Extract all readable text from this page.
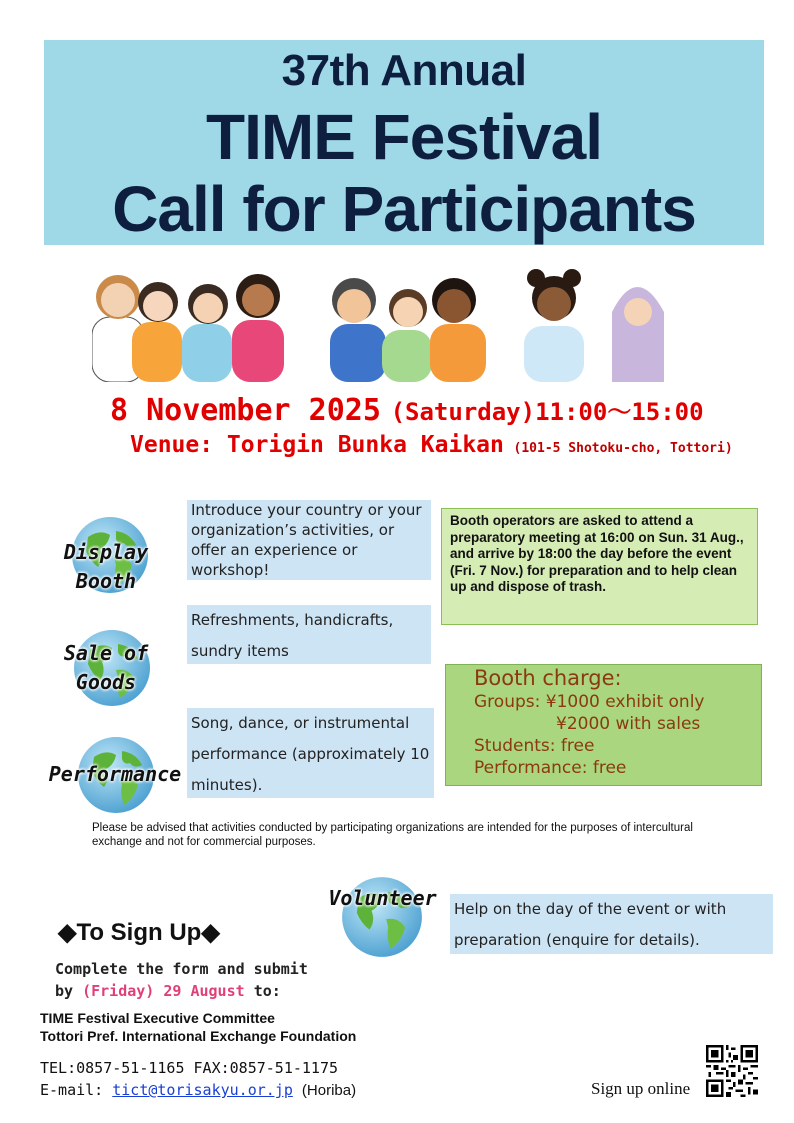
37th Annual
TIME Festival
Call for Participants
8 November 2025 (Saturday)11:00～15:00
Venue: Torigin Bunka Kaikan (101-5 Shotoku-cho, Tottori)
Display
Booth
Introduce your country or your organization’s activities, or offer an experience or workshop!
Sale of
Goods
Refreshments, handicrafts, sundry items
Performance
Song, dance, or instrumental performance (approximately 10 minutes).
Booth operators are asked to attend a preparatory meeting at 16:00 on Sun. 31 Aug., and arrive by 18:00 the day before the event (Fri. 7 Nov.) for preparation and to help clean up and dispose of trash.
Booth charge:
Groups: ¥1000 exhibit only
¥2000 with sales
Students: free
Performance: free
Please be advised that activities conducted by participating organizations are intended for the purposes of intercultural exchange and not for commercial purposes.
Volunteer Help on the day of the event or with preparation (enquire for details).
◆To Sign Up◆
Complete the form and submit
by (Friday) 29 August to:
TIME Festival Executive Committee
Tottori Pref. International Exchange Foundation
TEL:0857-51-1165 FAX:0857-51-1175
E-mail: tict@torisakyu.or.jp (Horiba)	Sign up online
